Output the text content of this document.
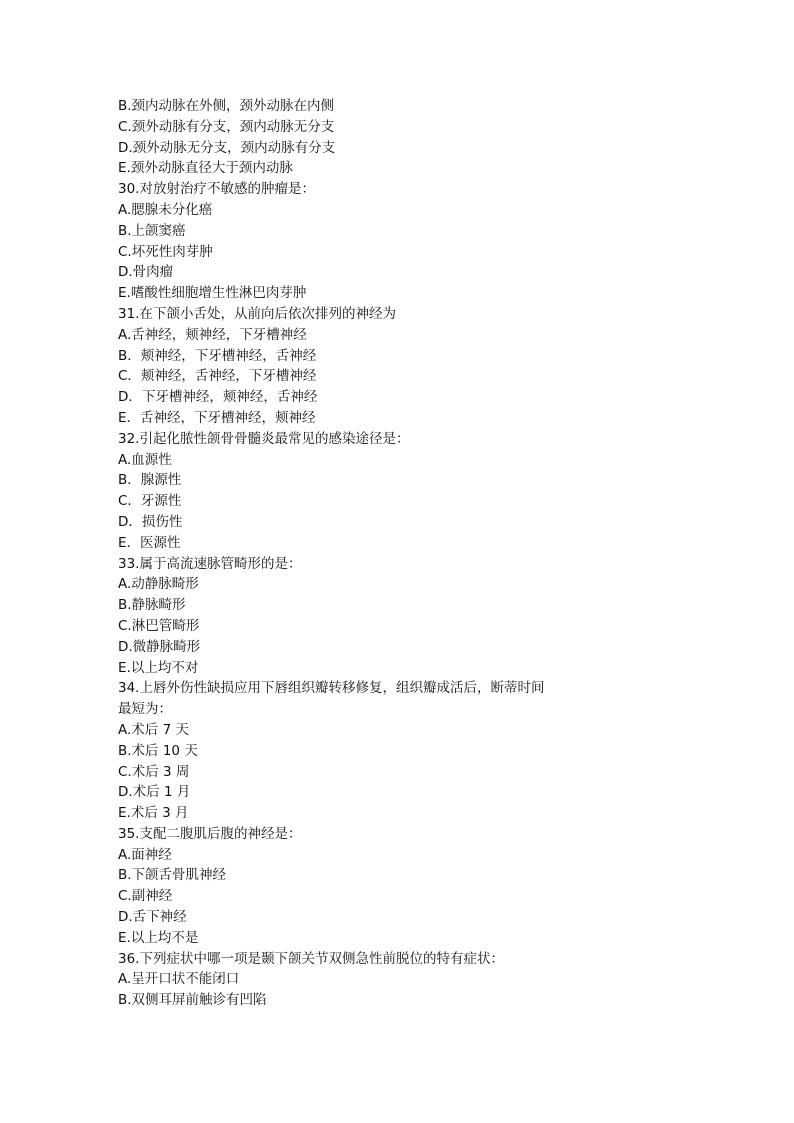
B.颈内动脉在外侧，颈外动脉在内侧
C.颈外动脉有分支，颈内动脉无分支
D.颈外动脉无分支，颈内动脉有分支
E.颈外动脉直径大于颈内动脉
30.对放射治疗不敏感的肿瘤是：
A.腮腺未分化癌
B.上颌窦癌
C.坏死性肉芽肿
D.骨肉瘤
E.嗜酸性细胞增生性淋巴肉芽肿
31.在下颌小舌处，从前向后依次排列的神经为
A.舌神经，颊神经，下牙槽神经
B．颊神经，下牙槽神经，舌神经
C．颊神经，舌神经，下牙槽神经
D．下牙槽神经，颊神经，舌神经
E．舌神经，下牙槽神经，颊神经
32.引起化脓性颌骨骨髓炎最常见的感染途径是：
A.血源性
B．腺源性
C．牙源性
D．损伤性
E．医源性
33.属于高流速脉管畸形的是：
A.动静脉畸形
B.静脉畸形
C.淋巴管畸形
D.微静脉畸形
E.以上均不对
34.上唇外伤性缺损应用下唇组织瓣转移修复，组织瓣成活后，断蒂时间
最短为：
A.术后 7 天
B.术后 10 天
C.术后 3 周
D.术后 1 月
E.术后 3 月
35.支配二腹肌后腹的神经是：
A.面神经
B.下颌舌骨肌神经
C.副神经
D.舌下神经
E.以上均不是
36.下列症状中哪一项是颞下颌关节双侧急性前脱位的特有症状：
A.呈开口状不能闭口
B.双侧耳屏前触诊有凹陷
